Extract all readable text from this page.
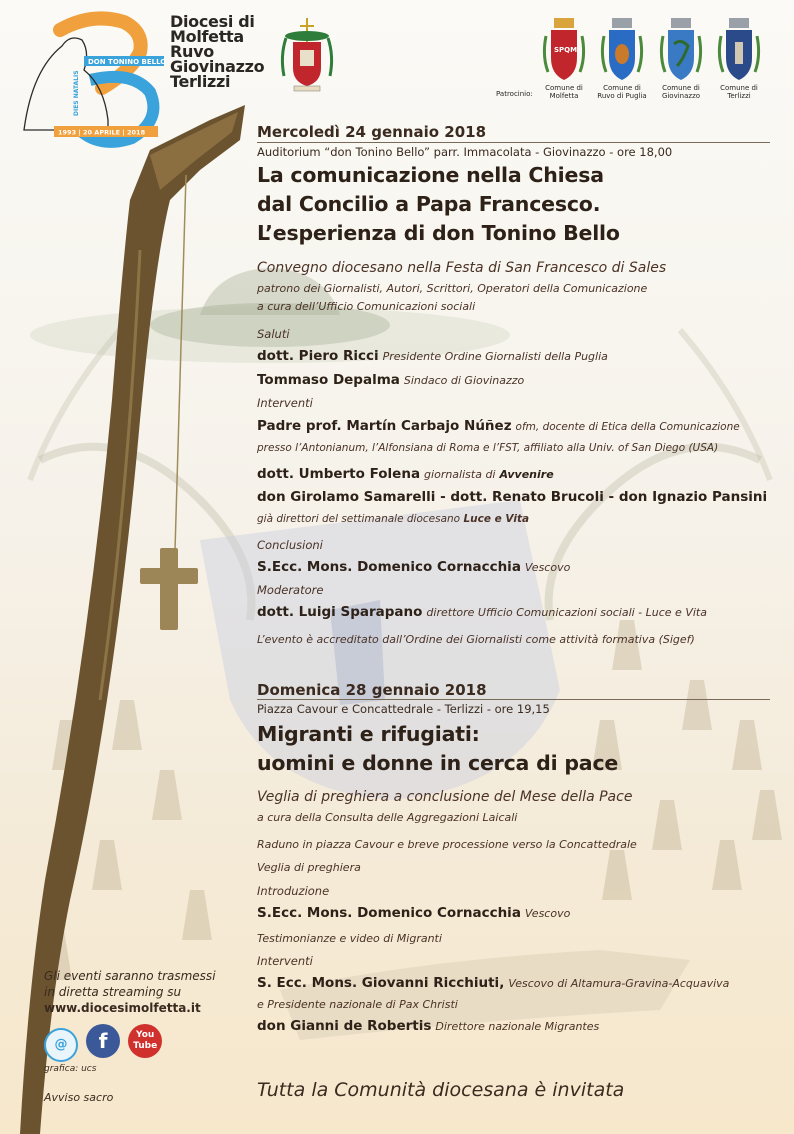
DON TONINO BELLO
1993 | 20 APRILE | 2018
DIES NATALIS
Diocesi di
Molfetta
Ruvo
Giovinazzo
Terlizzi
Patrocinio:
SPQM
Comune di
Molfetta
Comune di
Ruvo di Puglia
Comune di
Giovinazzo
Comune di
Terlizzi
Mercoledì 24 gennaio 2018
Auditorium “don Tonino Bello” parr. Immacolata - Giovinazzo - ore 18,00
La comunicazione nella Chiesa
dal Concilio a Papa Francesco.
L’esperienza di don Tonino Bello
Convegno diocesano nella Festa di San Francesco di Sales
patrono dei Giornalisti, Autori, Scrittori, Operatori della Comunicazione
a cura dell’Ufficio Comunicazioni sociali
Saluti
dott. Piero Ricci Presidente Ordine Giornalisti della Puglia
Tommaso Depalma Sindaco di Giovinazzo
Interventi
Padre prof. Martín Carbajo Núñez ofm, docente di Etica della Comunicazione
presso l’Antonianum, l’Alfonsiana di Roma e l’FST, affiliato alla Univ. of San Diego (USA)
dott. Umberto Folena giornalista di Avvenire
don Girolamo Samarelli - dott. Renato Brucoli - don Ignazio Pansini
già direttori del settimanale diocesano Luce e Vita
Conclusioni
S.Ecc. Mons. Domenico Cornacchia Vescovo
Moderatore
dott. Luigi Sparapano direttore Ufficio Comunicazioni sociali - Luce e Vita
L’evento è accreditato dall’Ordine dei Giornalisti come attività formativa (Sigef)
Domenica 28 gennaio 2018
Piazza Cavour e Concattedrale - Terlizzi - ore 19,15
Migranti e rifugiati:
uomini e donne in cerca di pace
Veglia di preghiera a conclusione del Mese della Pace
a cura della Consulta delle Aggregazioni Laicali
Raduno in piazza Cavour e breve processione verso la Concattedrale
Veglia di preghiera
Introduzione
S.Ecc. Mons. Domenico Cornacchia Vescovo
Testimonianze e video di Migranti
Interventi
S. Ecc. Mons. Giovanni Ricchiuti, Vescovo di Altamura-Gravina-Acquaviva
e Presidente nazionale di Pax Christi
don Gianni de Robertis Direttore nazionale Migrantes
Gli eventi saranno trasmessi
in diretta streaming su
www.diocesimolfetta.it
@ f	You
Tube
grafica: ucs
Avviso sacro	Tutta la Comunità diocesana è invitata
